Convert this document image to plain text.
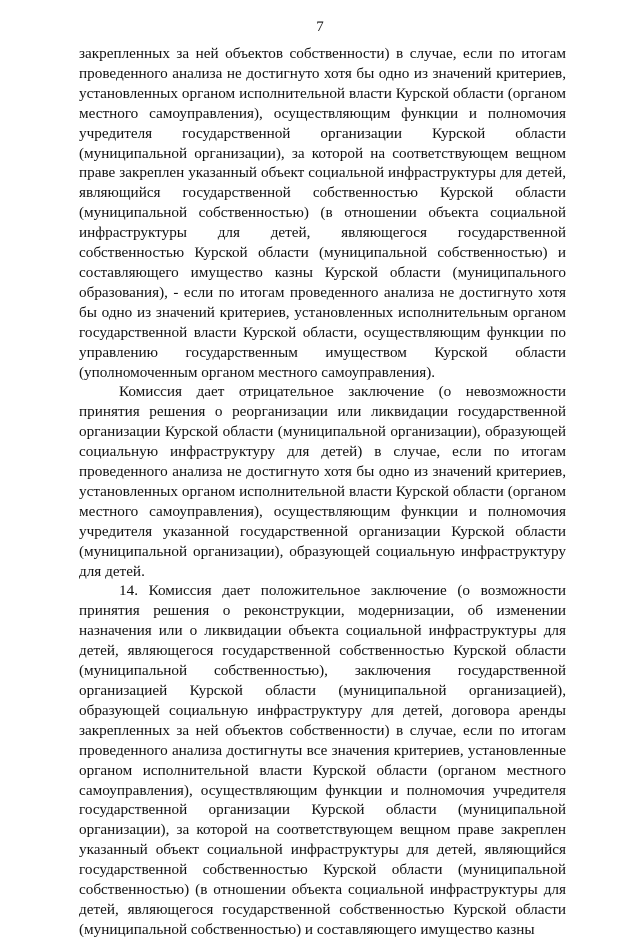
7

закрепленных за ней объектов собственности) в случае, если по итогам проведенного анализа не достигнуто хотя бы одно из значений критериев, установленных органом исполнительной власти Курской области (органом местного самоуправления), осуществляющим функции и полномочия учредителя государственной организации Курской области (муниципальной организации), за которой на соответствующем вещном праве закреплен указанный объект социальной инфраструктуры для детей, являющийся государственной собственностью Курской области (муниципальной собственностью) (в отношении объекта социальной инфраструктуры для детей, являющегося государственной собственностью Курской области (муниципальной собственностью) и составляющего имущество казны Курской области (муниципального образования), - если по итогам проведенного анализа не достигнуто хотя бы одно из значений критериев, установленных исполнительным органом государственной власти Курской области, осуществляющим функции по управлению государственным имуществом Курской области (уполномоченным органом местного самоуправления).

Комиссия дает отрицательное заключение (о невозможности принятия решения о реорганизации или ликвидации государственной организации Курской области (муниципальной организации), образующей социальную инфраструктуру для детей) в случае, если по итогам проведенного анализа не достигнуто хотя бы одно из значений критериев, установленных органом исполнительной власти Курской области (органом местного самоуправления), осуществляющим функции и полномочия учредителя указанной государственной организации Курской области (муниципальной организации), образующей социальную инфраструктуру для детей.

14. Комиссия дает положительное заключение (о возможности принятия решения о реконструкции, модернизации, об изменении назначения или о ликвидации объекта социальной инфраструктуры для детей, являющегося государственной собственностью Курской области (муниципальной собственностью), заключения государственной организацией Курской области (муниципальной организацией), образующей социальную инфраструктуру для детей, договора аренды закрепленных за ней объектов собственности) в случае, если по итогам проведенного анализа достигнуты все значения критериев, установленные органом исполнительной власти Курской области (органом местного самоуправления), осуществляющим функции и полномочия учредителя государственной организации Курской области (муниципальной организации), за которой на соответствующем вещном праве закреплен указанный объект социальной инфраструктуры для детей, являющийся государственной собственностью Курской области (муниципальной собственностью) (в отношении объекта социальной инфраструктуры для детей, являющегося государственной собственностью Курской области (муниципальной собственностью) и составляющего имущество казны
